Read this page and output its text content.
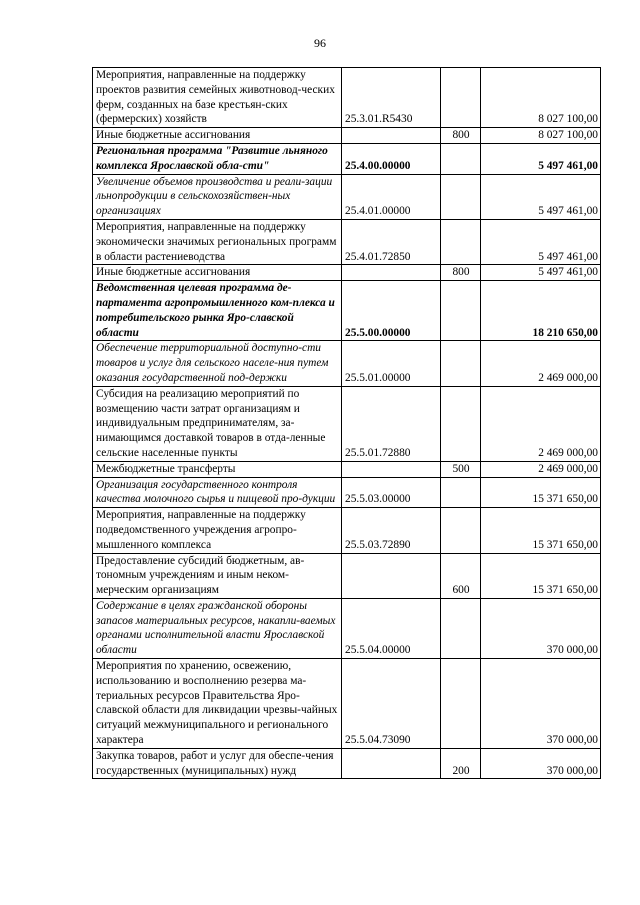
96
Мероприятия, направленные на поддержку проектов развития семейных животновод-ческих ферм, созданных на базе крестьян-ских (фермерских) хозяйств	25.3.01.R5430		8 027 100,00
Иные бюджетные ассигнования		800	8 027 100,00
Региональная программа "Развитие льняного комплекса Ярославской обла-сти"	25.4.00.00000		5 497 461,00
Увеличение объемов производства и реали-зации льнопродукции в сельскохозяйствен-ных организациях	25.4.01.00000		5 497 461,00
Мероприятия, направленные на поддержку экономически значимых региональных программ в области растениеводства	25.4.01.72850		5 497 461,00
Иные бюджетные ассигнования		800	5 497 461,00
Ведомственная целевая программа де-партамента агропромышленного ком-плекса и потребительского рынка Яро-славской области	25.5.00.00000		18 210 650,00
Обеспечение территориальной доступно-сти товаров и услуг для сельского населе-ния путем оказания государственной под-держки	25.5.01.00000		2 469 000,00
Субсидия на реализацию мероприятий по возмещению части затрат организациям и индивидуальным предпринимателям, за-нимающимся доставкой товаров в отда-ленные сельские населенные пункты	25.5.01.72880		2 469 000,00
Межбюджетные трансферты		500	2 469 000,00
Организация государственного контроля качества молочного сырья и пищевой про-дукции	25.5.03.00000		15 371 650,00
Мероприятия, направленные на поддержку подведомственного учреждения агропро-мышленного комплекса	25.5.03.72890		15 371 650,00
Предоставление субсидий бюджетным, ав-тономным учреждениям и иным неком-мерческим организациям		600	15 371 650,00
Содержание в целях гражданской обороны запасов материальных ресурсов, накапли-ваемых органами исполнительной власти Ярославской области	25.5.04.00000		370 000,00
Мероприятия по хранению, освежению, использованию и восполнению резерва ма-териальных ресурсов Правительства Яро-славской области для ликвидации чрезвы-чайных ситуаций межмуниципального и регионального характера	25.5.04.73090		370 000,00
Закупка товаров, работ и услуг для обеспе-чения государственных (муниципальных) нужд		200	370 000,00
